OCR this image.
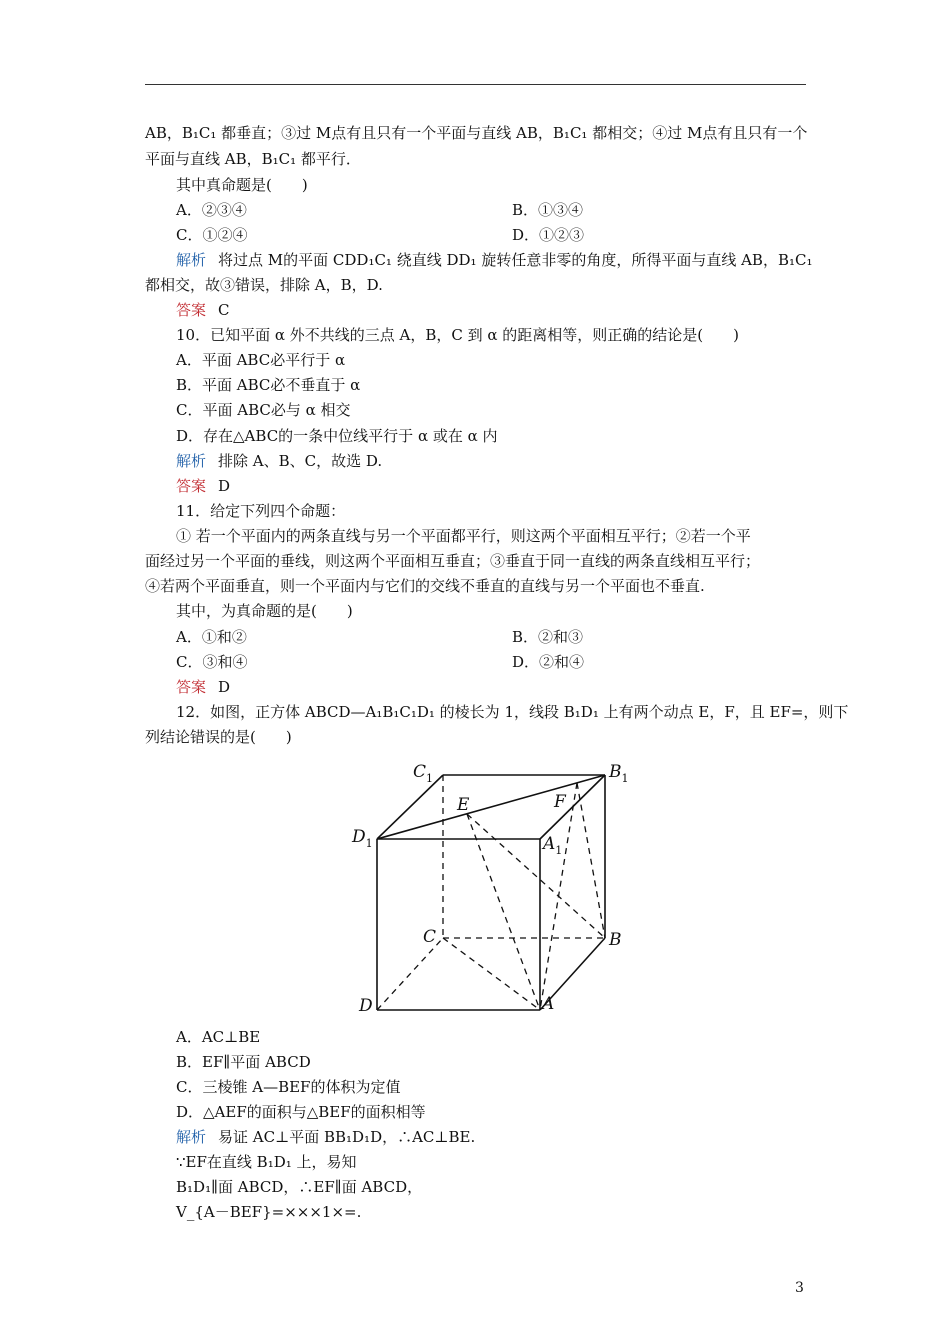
AB，B₁C₁ 都垂直；③过 M点有且只有一个平面与直线 AB，B₁C₁ 都相交；④过 M点有且只有一个
平面与直线 AB，B₁C₁ 都平行．
其中真命题是(　　)
A．②③④	B．①③④
C．①②④	D．①②③
解析 将过点 M的平面 CDD₁C₁ 绕直线 DD₁ 旋转任意非零的角度，所得平面与直线 AB，B₁C₁
都相交，故③错误，排除 A，B，D.
答案 C
10．已知平面 α 外不共线的三点 A，B，C 到 α 的距离相等，则正确的结论是(　　)
A．平面 ABC必平行于 α
B．平面 ABC必不垂直于 α
C．平面 ABC必与 α 相交
D．存在△ABC的一条中位线平行于 α 或在 α 内
解析 排除 A、B、C，故选 D.
答案 D
11．给定下列四个命题：
① 若一个平面内的两条直线与另一个平面都平行，则这两个平面相互平行；②若一个平
面经过另一个平面的垂线，则这两个平面相互垂直；③垂直于同一直线的两条直线相互平行；
④若两个平面垂直，则一个平面内与它们的交线不垂直的直线与另一个平面也不垂直.
其中，为真命题的是(　　)
A．①和②	B．②和③
C．③和④	D．②和④
答案 D
12．如图，正方体 ABCD—A₁B₁C₁D₁ 的棱长为 1，线段 B₁D₁ 上有两个动点 E，F，且 EF=，则下
列结论错误的是(　　)
$C_1$	$B_1$
E	F
$D_1$	$A_1$
C	B
D	A
A．AC⊥BE
B．EF∥平面 ABCD
C．三棱锥 A—BEF的体积为定值
D．△AEF的面积与△BEF的面积相等
解析 易证 AC⊥平面 BB₁D₁D，∴AC⊥BE.
∵EF在直线 B₁D₁ 上，易知
B₁D₁∥面 ABCD，∴EF∥面 ABCD，
V_{A－BEF}=×××1×=.
3
